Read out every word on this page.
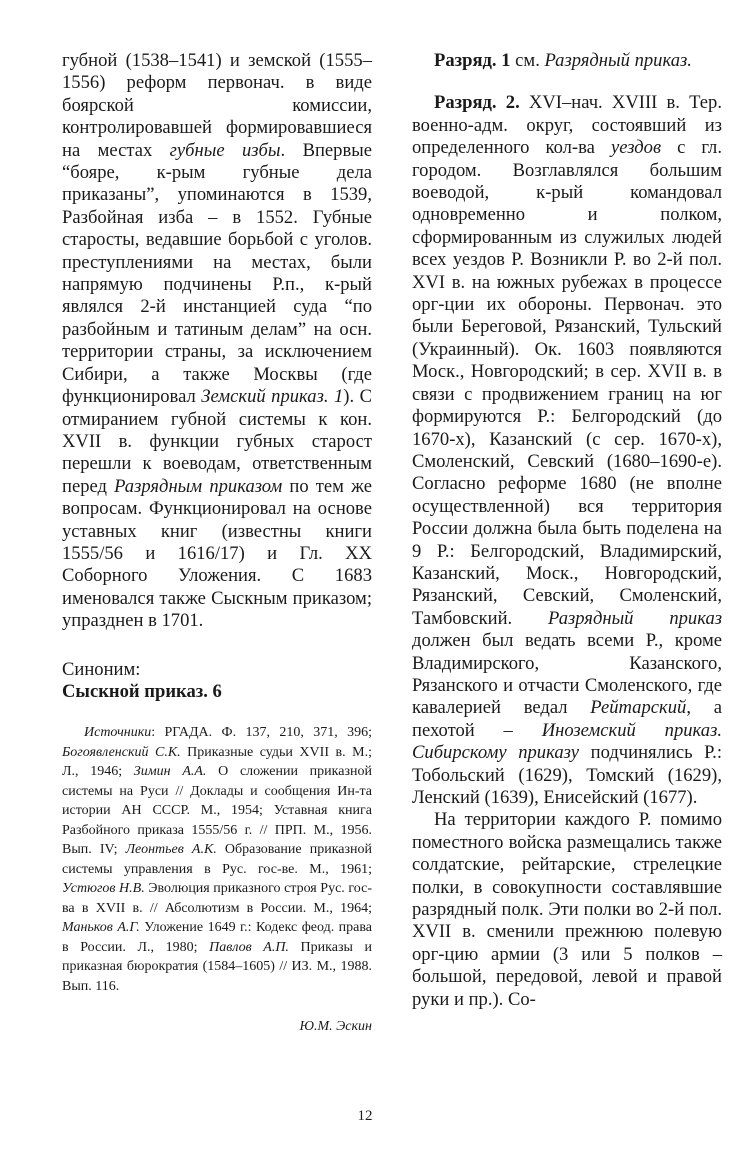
губной (1538–1541) и земской (1555–1556) реформ первонач. в виде боярской комиссии, контролировавшей формировавшиеся на местах губные избы. Впервые “бояре, к-рым губные дела приказаны”, упоминаются в 1539, Разбойная изба – в 1552. Губные старосты, ведавшие борьбой с уголов. преступлениями на местах, были напрямую подчинены Р.п., к-рый являлся 2-й инстанцией суда “по разбойным и татиным делам” на осн. территории страны, за исключением Сибири, а также Москвы (где функционировал Земский приказ. 1). С отмиранием губной системы к кон. XVII в. функции губных старост перешли к воеводам, ответственным перед Разрядным приказом по тем же вопросам. Функционировал на основе уставных книг (известны книги 1555/56 и 1616/17) и Гл. XX Соборного Уложения. С 1683 именовался также Сыскным приказом; упразднен в 1701.

Синоним:

Сыскной приказ. 6

Источники: РГАДА. Ф. 137, 210, 371, 396; Богоявленский С.К. Приказные судьи XVII в. М.; Л., 1946; Зимин А.А. О сложении приказной системы на Руси // Доклады и сообщения Ин-та истории АН СССР. М., 1954; Уставная книга Разбойного приказа 1555/56 г. // ПРП. М., 1956. Вып. IV; Леонтьев А.К. Образование приказной системы управления в Рус. гос-ве. М., 1961; Устюгов Н.В. Эволюция приказного строя Рус. гос-ва в XVII в. // Абсолютизм в России. М., 1964; Маньков А.Г. Уложение 1649 г.: Кодекс феод. права в России. Л., 1980; Павлов А.П. Приказы и приказная бюрократия (1584–1605) // ИЗ. М., 1988. Вып. 116.

Ю.М. Эскин

Разряд. 1 см. Разрядный приказ.

Разряд. 2. XVI–нач. XVIII в. Тер. военно-адм. округ, состоявший из определенного кол-ва уездов с гл. городом. Возглавлялся большим воеводой, к-рый командовал одновременно и полком, сформированным из служилых людей всех уездов Р. Возникли Р. во 2-й пол. XVI в. на южных рубежах в процессе орг-ции их обороны. Первонач. это были Береговой, Рязанский, Тульский (Украинный). Ок. 1603 появляются Моск., Новгородский; в сер. XVII в. в связи с продвижением границ на юг формируются Р.: Белгородский (до 1670-х), Казанский (с сер. 1670-х), Смоленский, Севский (1680–1690-е). Согласно реформе 1680 (не вполне осуществленной) вся территория России должна была быть поделена на 9 Р.: Белгородский, Владимирский, Казанский, Моск., Новгородский, Рязанский, Севский, Смоленский, Тамбовский. Разрядный приказ должен был ведать всеми Р., кроме Владимирского, Казанского, Рязанского и отчасти Смоленского, где кавалерией ведал Рейтарский, а пехотой – Иноземский приказ. Сибирскому приказу подчинялись Р.: Тобольский (1629), Томский (1629), Ленский (1639), Енисейский (1677).

На территории каждого Р. помимо поместного войска размещались также солдатские, рейтарские, стрелецкие полки, в совокупности составлявшие разрядный полк. Эти полки во 2-й пол. XVII в. сменили прежнюю полевую орг-цию армии (3 или 5 полков – большой, передовой, левой и правой руки и пр.). Со-

12
